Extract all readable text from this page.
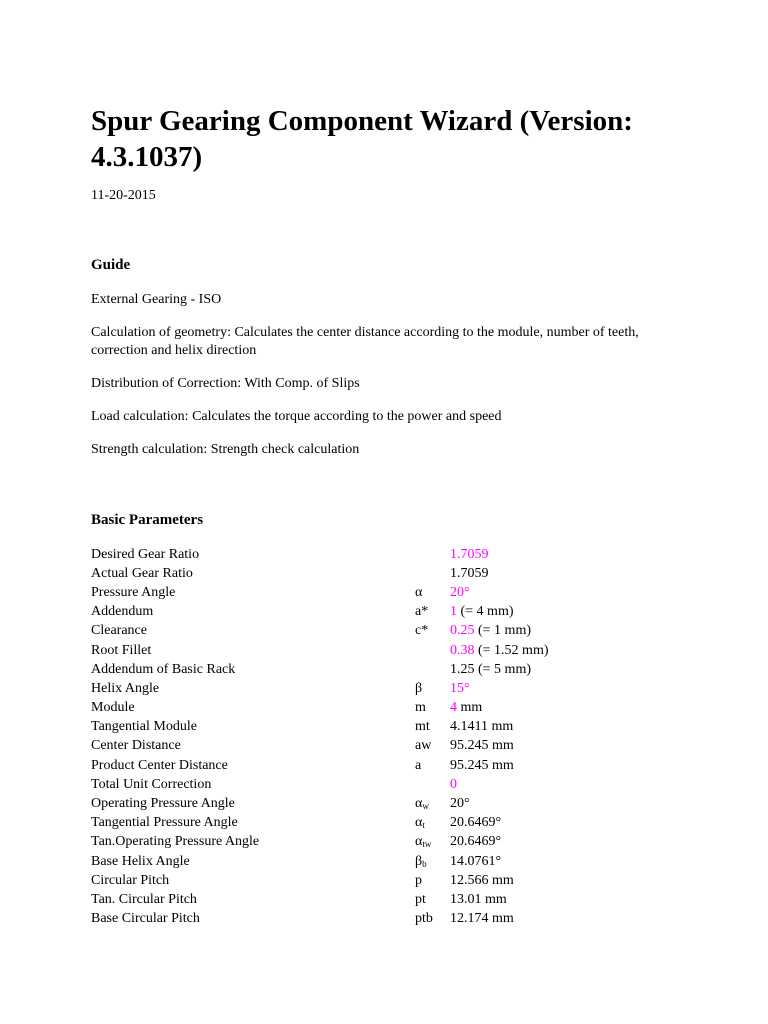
Spur Gearing Component Wizard (Version: 4.3.1037)
11-20-2015
Guide

External Gearing - ISO

Calculation of geometry: Calculates the center distance according to the module, number of teeth, correction and helix direction

Distribution of Correction: With Comp. of Slips

Load calculation: Calculates the torque according to the power and speed

Strength calculation: Strength check calculation

Basic Parameters
Desired Gear Ratio		1.7059
Actual Gear Ratio		1.7059
Pressure Angle	α	20°
Addendum	a*	1 (= 4 mm)
Clearance	c*	0.25 (= 1 mm)
Root Fillet		0.38 (= 1.52 mm)
Addendum of Basic Rack		1.25 (= 5 mm)
Helix Angle	β	15°
Module	m	4 mm
Tangential Module	mt	4.1411 mm
Center Distance	aw	95.245 mm
Product Center Distance	a	95.245 mm
Total Unit Correction		0
Operating Pressure Angle	$\alpha_w$	20°
Tangential Pressure Angle	$\alpha_t$	20.6469°
Tan.Operating Pressure Angle	$\alpha_{tw}$	20.6469°
Base Helix Angle	$\beta_b$	14.0761°
Circular Pitch	p	12.566 mm
Tan. Circular Pitch	pt	13.01 mm
Base Circular Pitch	ptb	12.174 mm
